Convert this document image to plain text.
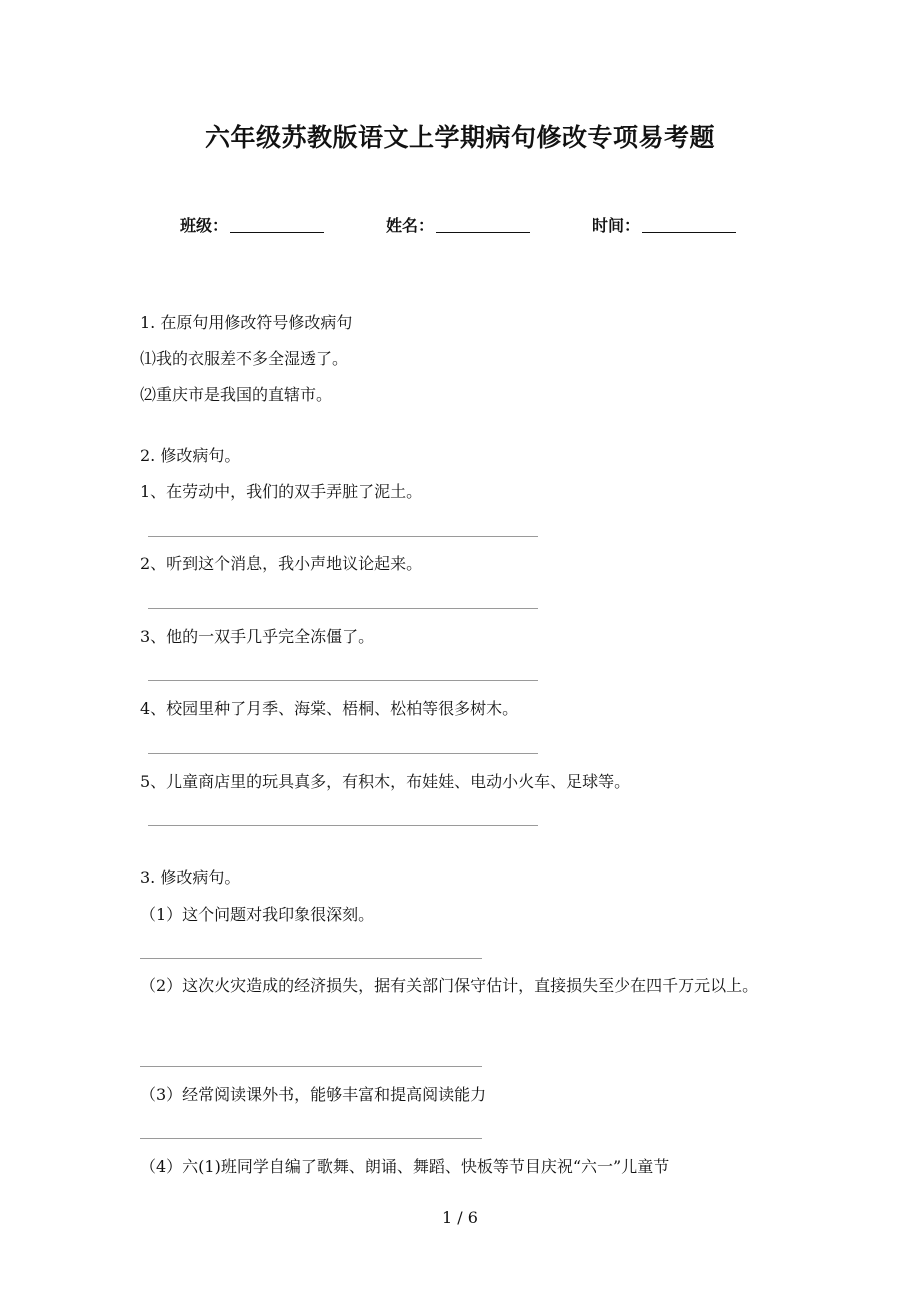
六年级苏教版语文上学期病句修改专项易考题
班级：	姓名：	时间：
1. 在原句用修改符号修改病句
⑴我的衣服差不多全湿透了。
⑵重庆市是我国的直辖市。
2. 修改病句。
1、在劳动中，我们的双手弄脏了泥土。
2、听到这个消息，我小声地议论起来。
3、他的一双手几乎完全冻僵了。
4、校园里种了月季、海棠、梧桐、松柏等很多树木。
5、儿童商店里的玩具真多，有积木，布娃娃、电动小火车、足球等。
3. 修改病句。
（1）这个问题对我印象很深刻。
（2）这次火灾造成的经济损失，据有关部门保守估计，直接损失至少在四千万元以上。
（3）经常阅读课外书，能够丰富和提高阅读能力
（4）六(1)班同学自编了歌舞、朗诵、舞蹈、快板等节目庆祝“六一”儿童节
1 / 6
